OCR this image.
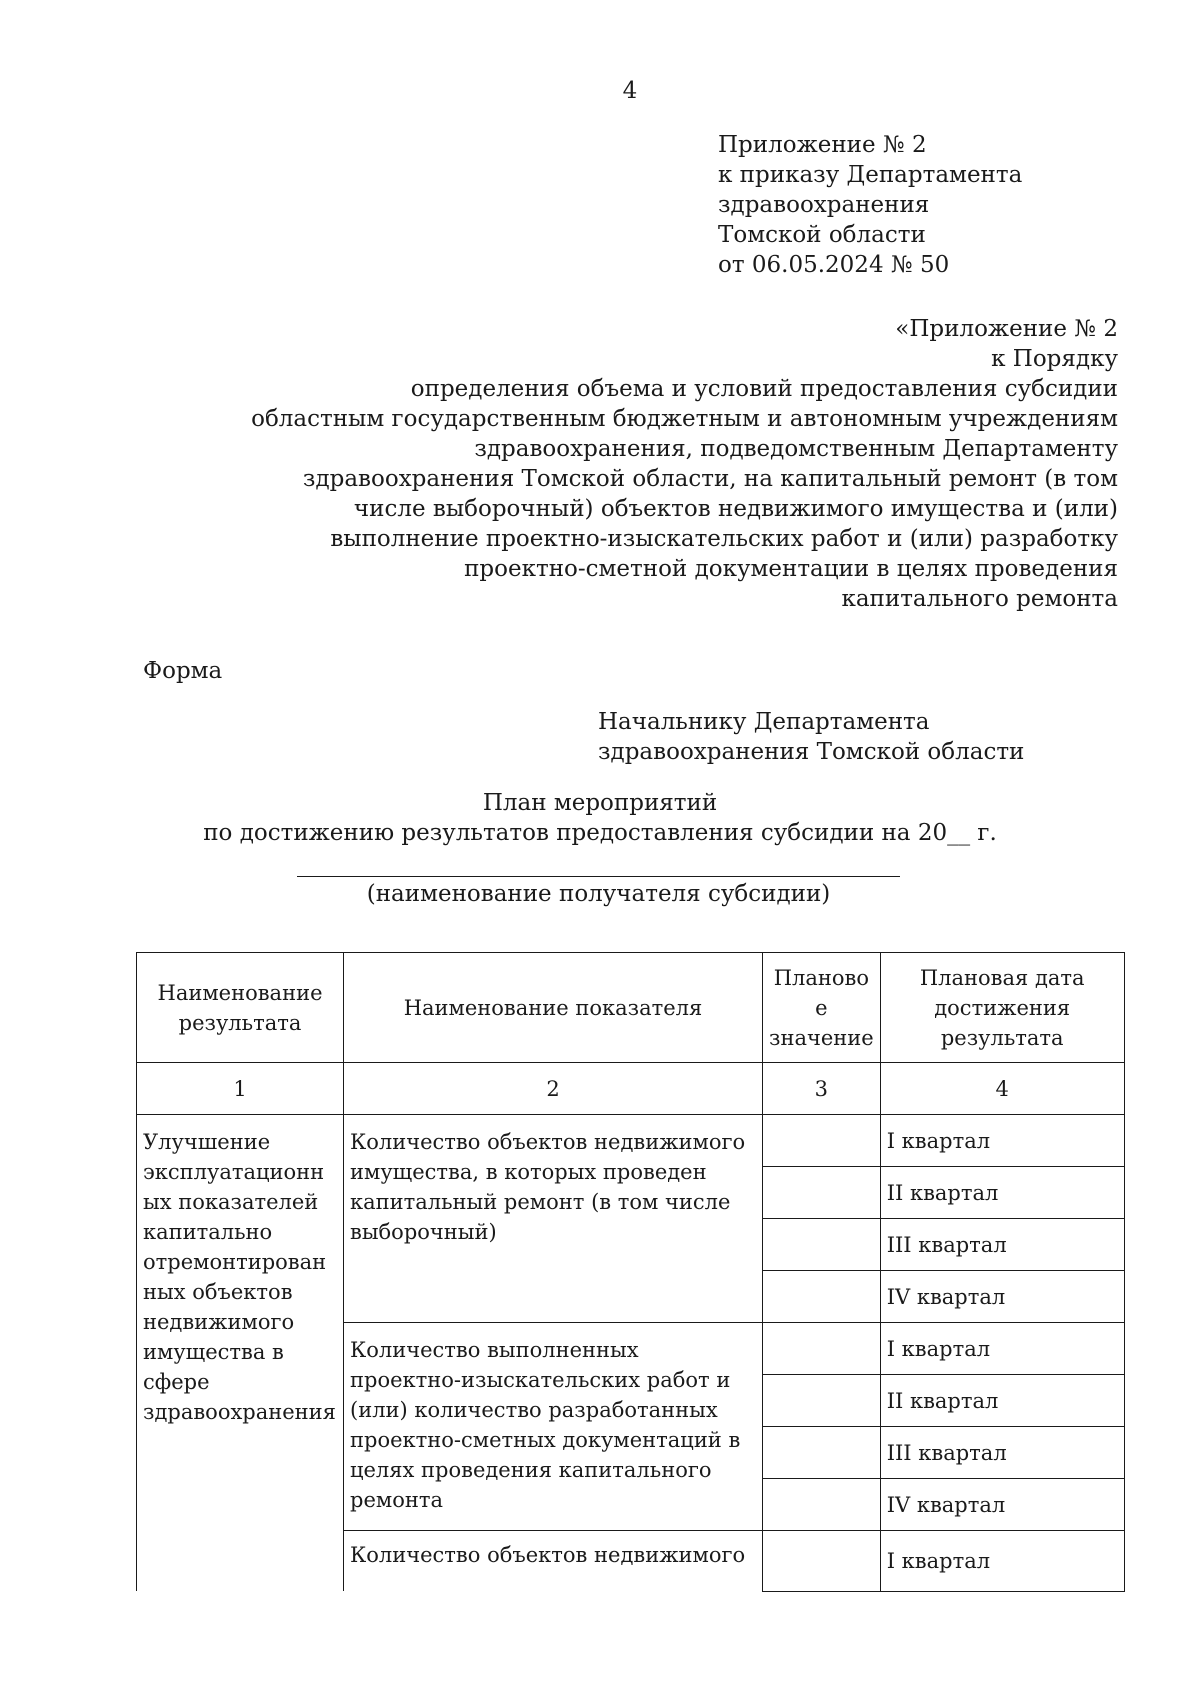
4
Приложение № 2
к приказу Департамента
здравоохранения
Томской области
от 06.05.2024 № 50
«Приложение № 2
к Порядку
определения объема и условий предоставления субсидии
областным государственным бюджетным и автономным учреждениям
здравоохранения, подведомственным Департаменту
здравоохранения Томской области, на капитальный ремонт (в том
числе выборочный) объектов недвижимого имущества и (или)
выполнение проектно-изыскательских работ и (или) разработку
проектно-сметной документации в целях проведения
капитального ремонта
Форма
Начальнику Департамента
здравоохранения Томской области
План мероприятий
по достижению результатов предоставления субсидии на 20__ г.
(наименование получателя субсидии)
Наименование результата	Наименование показателя	Планово е значение	Плановая дата достижения результата
1	2	3	4
Улучшение эксплуатационн ых показателей капитально отремонтирован ных объектов недвижимого имущества в сфере здравоохранения	Количество объектов недвижимого имущества, в которых проведен капитальный ремонт (в том числе выборочный)		I квартал
			II квартал
			III квартал
			IV квартал
	Количество выполненных проектно-изыскательских работ и (или) количество разработанных проектно-сметных документаций в целях проведения капитального ремонта		I квартал
			II квартал
			III квартал
			IV квартал
	Количество объектов недвижимого		I квартал
